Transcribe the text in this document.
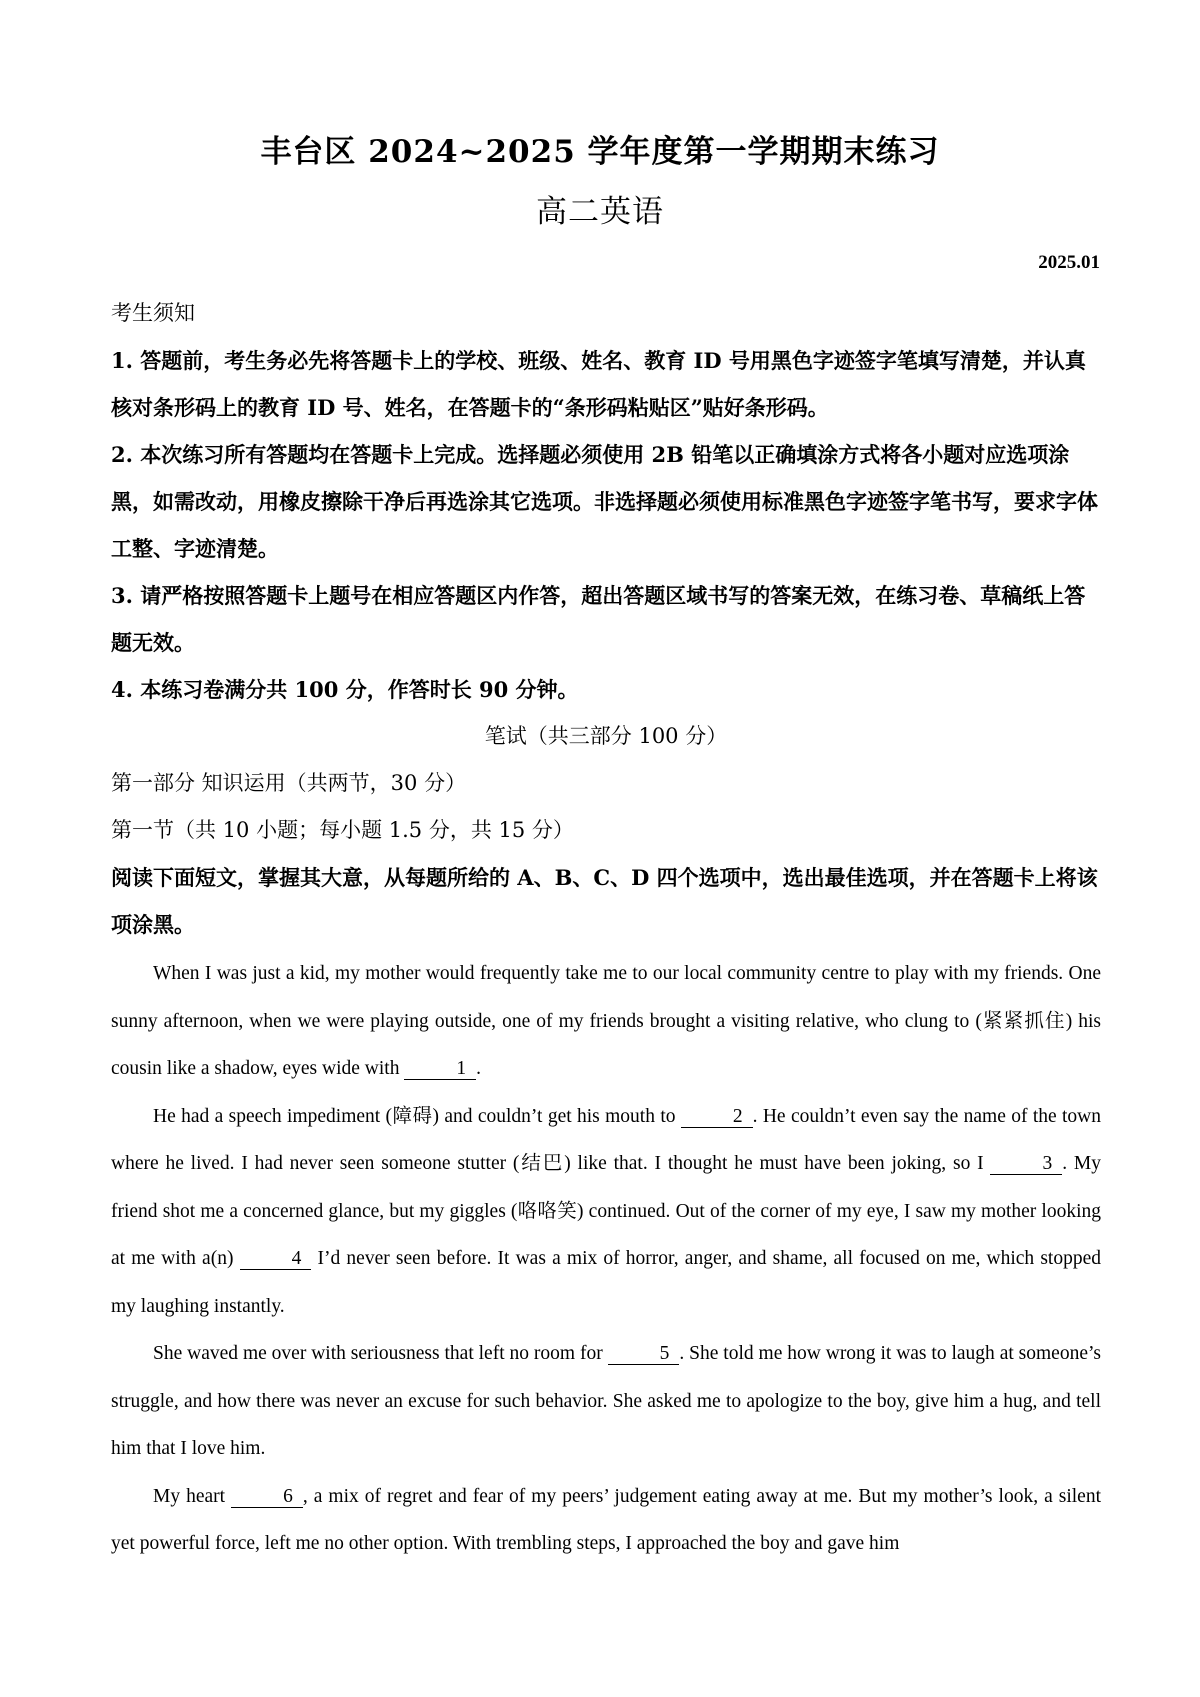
丰台区 2024~2025 学年度第一学期期末练习
高二英语
2025.01

考生须知

1. 答题前，考生务必先将答题卡上的学校、班级、姓名、教育 ID 号用黑色字迹签字笔填写清楚，并认真核对条形码上的教育 ID 号、姓名，在答题卡的“条形码粘贴区”贴好条形码。

2. 本次练习所有答题均在答题卡上完成。选择题必须使用 2B 铅笔以正确填涂方式将各小题对应选项涂黑，如需改动，用橡皮擦除干净后再选涂其它选项。非选择题必须使用标准黑色字迹签字笔书写，要求字体工整、字迹清楚。

3. 请严格按照答题卡上题号在相应答题区内作答，超出答题区域书写的答案无效，在练习卷、草稿纸上答题无效。

4. 本练习卷满分共 100 分，作答时长 90 分钟。

笔试（共三部分 100 分）

第一部分 知识运用（共两节，30 分）

第一节（共 10 小题；每小题 1.5 分，共 15 分）

阅读下面短文，掌握其大意，从每题所给的 A、B、C、D 四个选项中，选出最佳选项，并在答题卡上将该项涂黑。

When I was just a kid, my mother would frequently take me to our local community centre to play with my friends. One sunny afternoon, when we were playing outside, one of my friends brought a visiting relative, who clung to (紧紧抓住) his cousin like a shadow, eyes wide with	1 .

He had a speech impediment (障碍) and couldn’t get his mouth to	2 . He couldn’t even say the name of the town where he lived. I had never seen someone stutter (结巴) like that. I thought he must have been joking, so I	3 . My friend shot me a concerned glance, but my giggles (咯咯笑) continued. Out of the corner of my eye, I saw my mother looking at me with a(n)	4 I’d never seen before. It was a mix of horror, anger, and shame, all focused on me, which stopped my laughing instantly.

She waved me over with seriousness that left no room for	5 . She told me how wrong it was to laugh at someone’s struggle, and how there was never an excuse for such behavior. She asked me to apologize to the boy, give him a hug, and tell him that I love him.

My heart	6 , a mix of regret and fear of my peers’ judgement eating away at me. But my mother’s look, a silent yet powerful force, left me no other option. With trembling steps, I approached the boy and gave him
